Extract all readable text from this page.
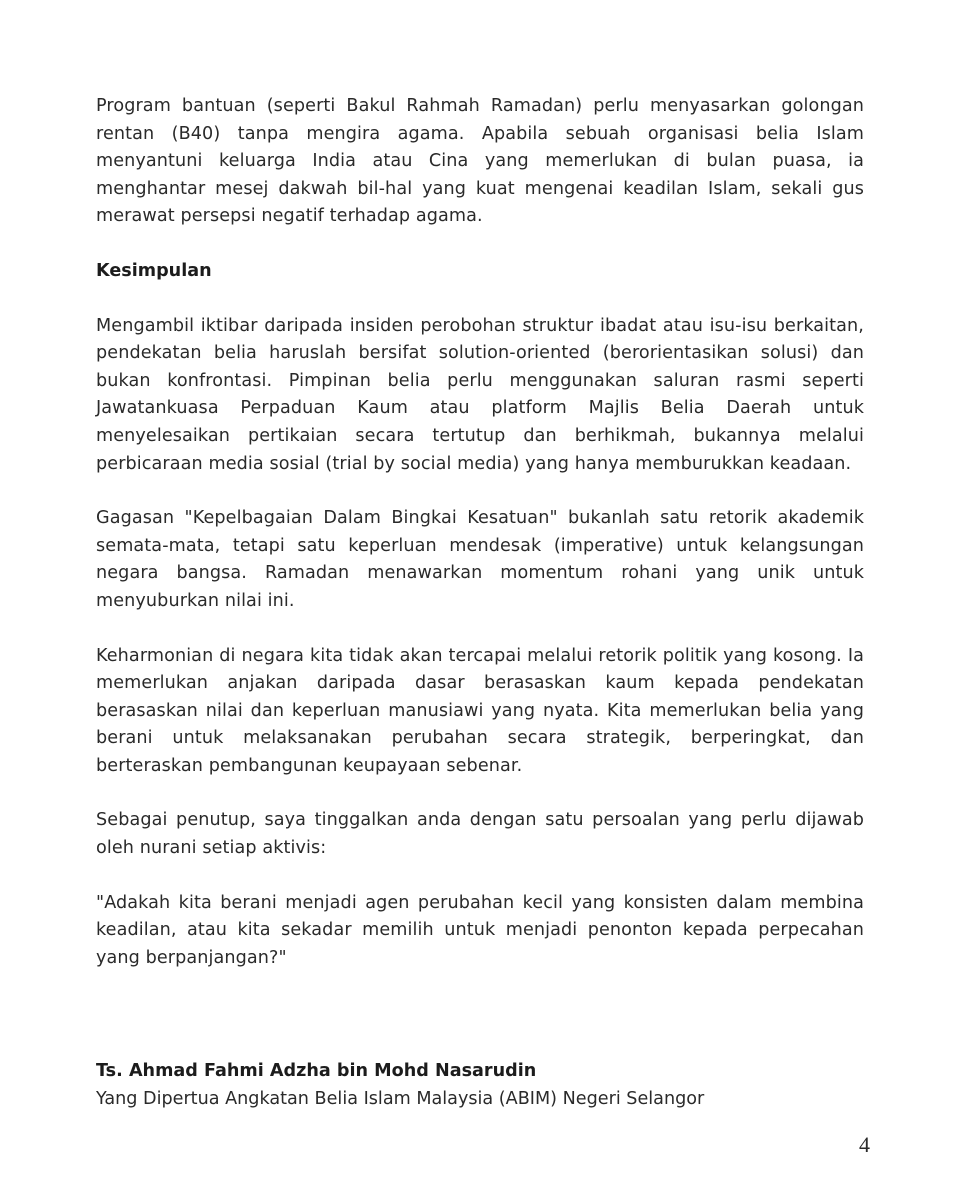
Program bantuan (seperti Bakul Rahmah Ramadan) perlu menyasarkan golongan rentan (B40) tanpa mengira agama. Apabila sebuah organisasi belia Islam menyantuni keluarga India atau Cina yang memerlukan di bulan puasa, ia menghantar mesej dakwah bil-hal yang kuat mengenai keadilan Islam, sekali gus merawat persepsi negatif terhadap agama.

Kesimpulan

Mengambil iktibar daripada insiden perobohan struktur ibadat atau isu-isu berkaitan, pendekatan belia haruslah bersifat solution-oriented (berorientasikan solusi) dan bukan konfrontasi. Pimpinan belia perlu menggunakan saluran rasmi seperti Jawatankuasa Perpaduan Kaum atau platform Majlis Belia Daerah untuk menyelesaikan pertikaian secara tertutup dan berhikmah, bukannya melalui perbicaraan media sosial (trial by social media) yang hanya memburukkan keadaan.

Gagasan "Kepelbagaian Dalam Bingkai Kesatuan" bukanlah satu retorik akademik semata-mata, tetapi satu keperluan mendesak (imperative) untuk kelangsungan negara bangsa. Ramadan menawarkan momentum rohani yang unik untuk menyuburkan nilai ini.

Keharmonian di negara kita tidak akan tercapai melalui retorik politik yang kosong. Ia memerlukan anjakan daripada dasar berasaskan kaum kepada pendekatan berasaskan nilai dan keperluan manusiawi yang nyata. Kita memerlukan belia yang berani untuk melaksanakan perubahan secara strategik, berperingkat, dan berteraskan pembangunan keupayaan sebenar.

Sebagai penutup, saya tinggalkan anda dengan satu persoalan yang perlu dijawab oleh nurani setiap aktivis:

"Adakah kita berani menjadi agen perubahan kecil yang konsisten dalam membina keadilan, atau kita sekadar memilih untuk menjadi penonton kepada perpecahan yang berpanjangan?"

Ts. Ahmad Fahmi Adzha bin Mohd Nasarudin

Yang Dipertua Angkatan Belia Islam Malaysia (ABIM) Negeri Selangor

4
